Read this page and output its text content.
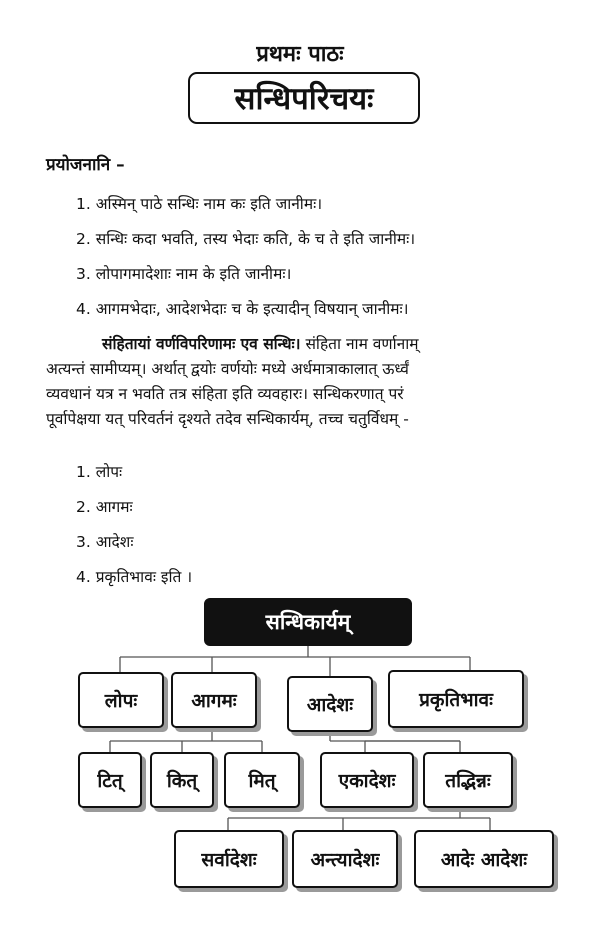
प्रथमः पाठः
सन्धिपरिचयः
प्रयोजनानि –
1. अस्मिन् पाठे सन्धिः नाम कः इति जानीमः।
2. सन्धिः कदा भवति, तस्य भेदाः कति, के च ते इति जानीमः।
3. लोपागमादेशाः नाम के इति जानीमः।
4. आगमभेदाः, आदेशभेदाः च के इत्यादीन् विषयान् जानीमः।
संहितायां वर्णविपरिणामः एव सन्धिः। संहिता नाम वर्णानाम्
अत्यन्तं सामीप्यम्। अर्थात् द्वयोः वर्णयोः मध्ये अर्धमात्राकालात् ऊर्ध्वं
व्यवधानं यत्र न भवति तत्र संहिता इति व्यवहारः। सन्धिकरणात् परं
पूर्वापेक्षया यत् परिवर्तनं दृश्यते तदेव सन्धिकार्यम्, तच्च चतुर्विधम् -
1. लोपः
2. आगमः
3. आदेशः
4. प्रकृतिभावः इति ।
सन्धिकार्यम्
लोपः	आगमः	आदेशः	प्रकृतिभावः
टित्	कित्	मित्	एकादेशः	तद्भिन्नः
सर्वादेशः	अन्त्यादेशः	आदेः आदेशः
